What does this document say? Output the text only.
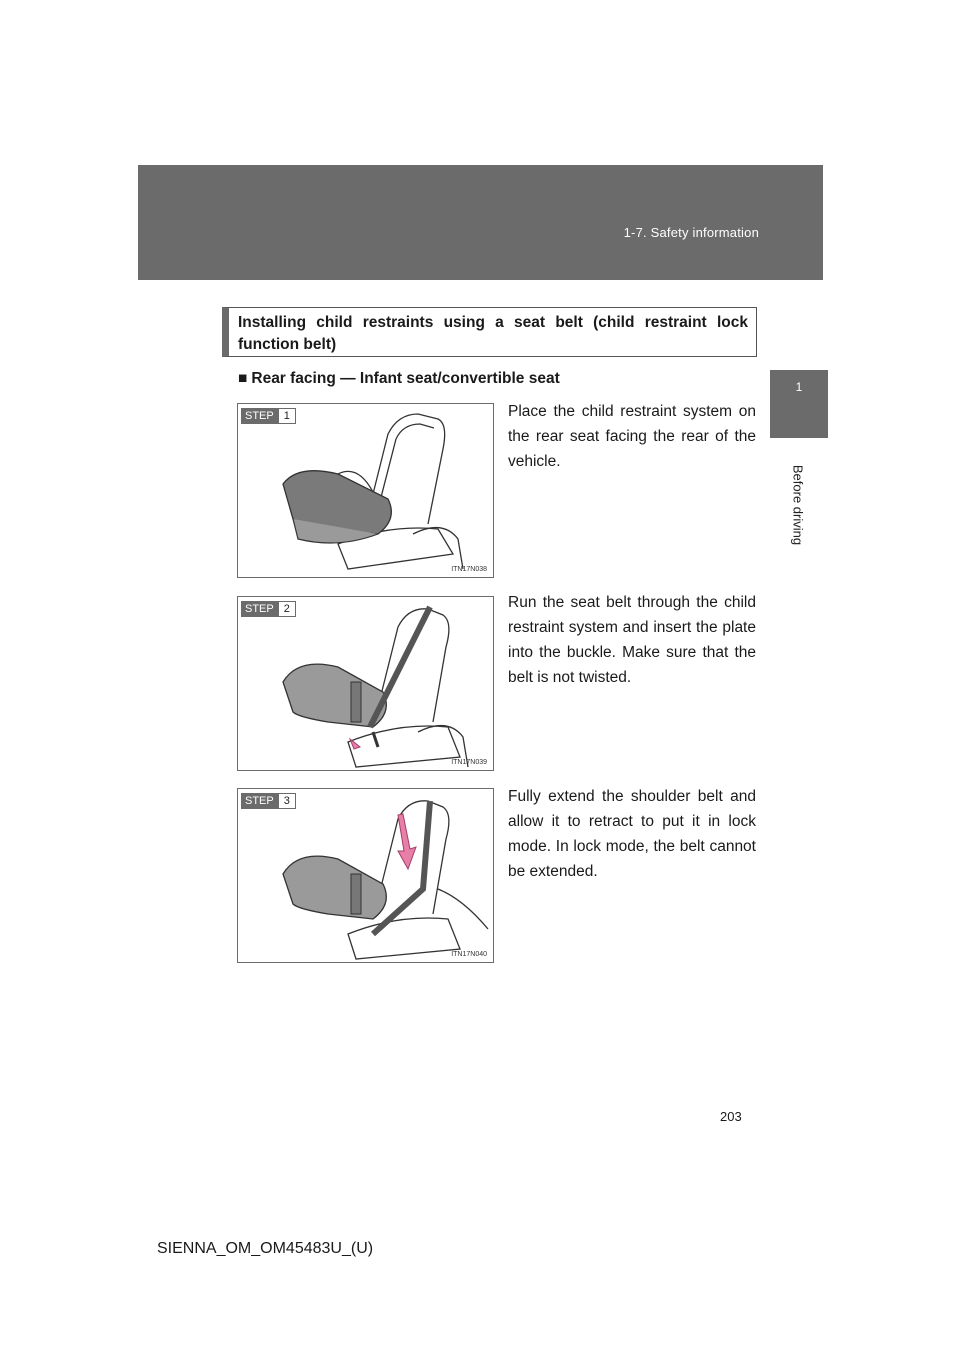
1-7. Safety information
1
Before driving
Installing child restraints using a seat belt (child restraint lock function belt)
■ Rear facing — Infant seat/convertible seat
STEP 1
ITN17N038
Place the child restraint system on the rear seat facing the rear of the vehicle.
STEP 2
ITN17N039
Run the seat belt through the child restraint system and insert the plate into the buckle. Make sure that the belt is not twisted.
STEP 3
ITN17N040
Fully extend the shoulder belt and allow it to retract to put it in lock mode. In lock mode, the belt cannot be extended.
203
SIENNA_OM_OM45483U_(U)
